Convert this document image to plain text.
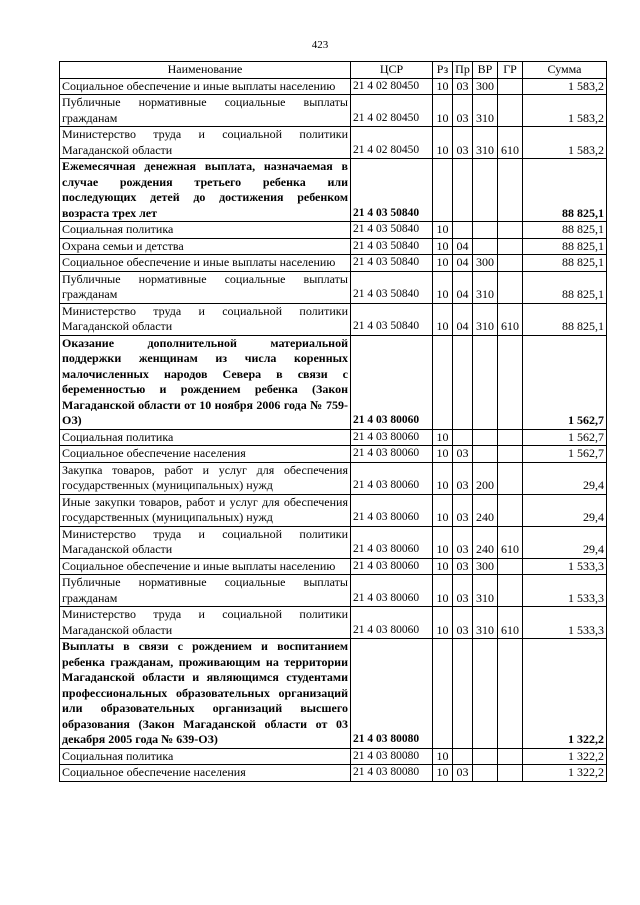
423
Наименование	ЦСР	Рз	Пр	ВР	ГР	Сумма
Социальное обеспечение и иные выплаты населению	21 4 02 80450	10	03	300		1 583,2
Публичные нормативные социальные выплаты гражданам	21 4 02 80450	10	03	310		1 583,2
Министерство труда и социальной политики Магаданской области	21 4 02 80450	10	03	310	610	1 583,2
Ежемесячная денежная выплата, назначаемая в случае рождения третьего ребенка или последующих детей до достижения ребенком возраста трех лет	21 4 03 50840					88 825,1
Социальная политика	21 4 03 50840	10				88 825,1
Охрана семьи и детства	21 4 03 50840	10	04			88 825,1
Социальное обеспечение и иные выплаты населению	21 4 03 50840	10	04	300		88 825,1
Публичные нормативные социальные выплаты гражданам	21 4 03 50840	10	04	310		88 825,1
Министерство труда и социальной политики Магаданской области	21 4 03 50840	10	04	310	610	88 825,1
Оказание дополнительной материальной поддержки женщинам из числа коренных малочисленных народов Севера в связи с беременностью и рождением ребенка (Закон Магаданской области от 10 ноября 2006 года № 759-ОЗ)	21 4 03 80060					1 562,7
Социальная политика	21 4 03 80060	10				1 562,7
Социальное обеспечение населения	21 4 03 80060	10	03			1 562,7
Закупка товаров, работ и услуг для обеспечения государственных (муниципальных) нужд	21 4 03 80060	10	03	200		29,4
Иные закупки товаров, работ и услуг для обеспечения государственных (муниципальных) нужд	21 4 03 80060	10	03	240		29,4
Министерство труда и социальной политики Магаданской области	21 4 03 80060	10	03	240	610	29,4
Социальное обеспечение и иные выплаты населению	21 4 03 80060	10	03	300		1 533,3
Публичные нормативные социальные выплаты гражданам	21 4 03 80060	10	03	310		1 533,3
Министерство труда и социальной политики Магаданской области	21 4 03 80060	10	03	310	610	1 533,3
Выплаты в связи с рождением и воспитанием ребенка гражданам, проживающим на территории Магаданской области и являющимся студентами профессиональных образовательных организаций или образовательных организаций высшего образования (Закон Магаданской области от 03 декабря 2005 года № 639-ОЗ)	21 4 03 80080					1 322,2
Социальная политика	21 4 03 80080	10				1 322,2
Социальное обеспечение населения	21 4 03 80080	10	03			1 322,2
